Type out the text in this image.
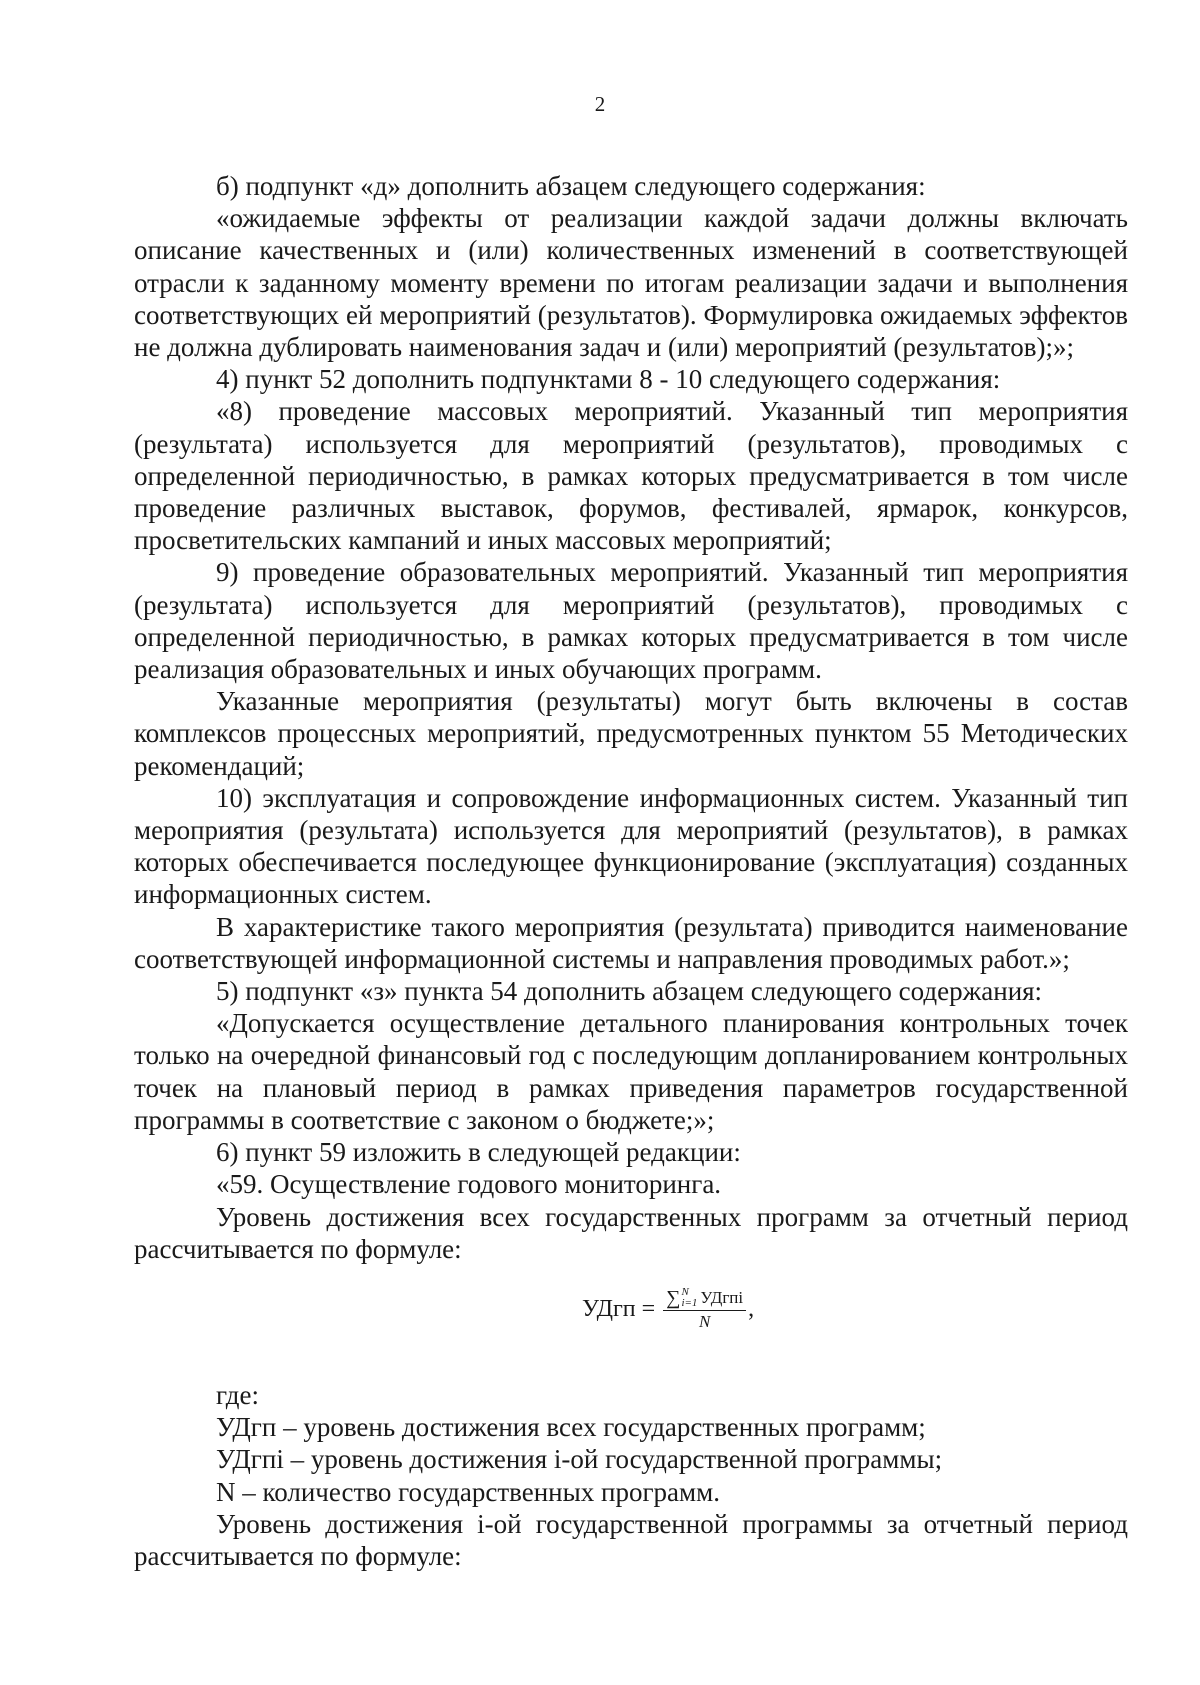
2

б) подпункт «д» дополнить абзацем следующего содержания:

«ожидаемые эффекты от реализации каждой задачи должны включать описание качественных и (или) количественных изменений в соответствующей отрасли к заданному моменту времени по итогам реализации задачи и выполнения соответствующих ей мероприятий (результатов). Формулировка ожидаемых эффектов не должна дублировать наименования задач и (или) мероприятий (результатов);»;

4) пункт 52 дополнить подпунктами 8 - 10 следующего содержания:

«8) проведение массовых мероприятий. Указанный тип мероприятия (результата) используется для мероприятий (результатов), проводимых с определенной периодичностью, в рамках которых предусматривается в том числе проведение различных выставок, форумов, фестивалей, ярмарок, конкурсов, просветительских кампаний и иных массовых мероприятий;

9) проведение образовательных мероприятий. Указанный тип мероприятия (результата) используется для мероприятий (результатов), проводимых с определенной периодичностью, в рамках которых предусматривается в том числе реализация образовательных и иных обучающих программ.

Указанные мероприятия (результаты) могут быть включены в состав комплексов процессных мероприятий, предусмотренных пунктом 55 Методических рекомендаций;

10) эксплуатация и сопровождение информационных систем. Указанный тип мероприятия (результата) используется для мероприятий (результатов), в рамках которых обеспечивается последующее функционирование (эксплуатация) созданных информационных систем.

В характеристике такого мероприятия (результата) приводится наименование соответствующей информационной системы и направления проводимых работ.»;

5) подпункт «з» пункта 54 дополнить абзацем следующего содержания:

«Допускается осуществление детального планирования контрольных точек только на очередной финансовый год с последующим допланированием контрольных точек на плановый период в рамках приведения параметров государственной программы в соответствие с законом о бюджете;»;

6) пункт 59 изложить в следующей редакции:

«59. Осуществление годового мониторинга.

Уровень достижения всех государственных программ за отчетный период рассчитывается по формуле:

УДгп = ∑ N
i=1 УДгпi
N ,

где:

УДгп – уровень достижения всех государственных программ;

УДгпi – уровень достижения i-ой государственной программы;

N – количество государственных программ.

Уровень достижения i-ой государственной программы за отчетный период рассчитывается по формуле:
